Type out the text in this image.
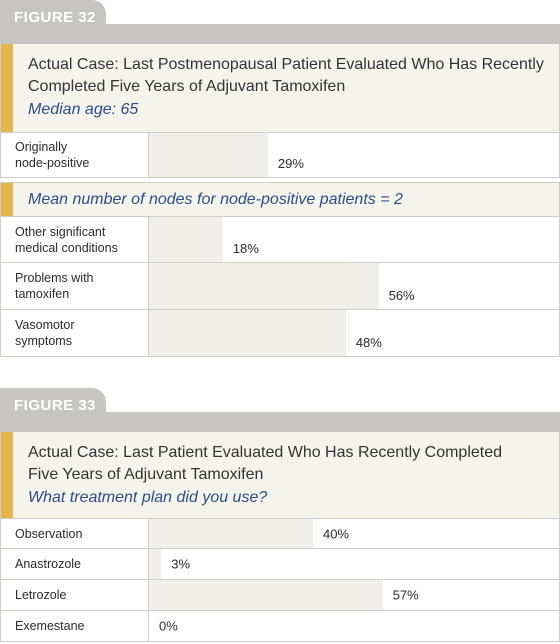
FIGURE 32
Actual Case: Last Postmenopausal Patient Evaluated Who Has Recently
Completed Five Years of Adjuvant Tamoxifen
Median age: 65
Originally
node-positive	29%
Mean number of nodes for node-positive patients = 2
Other significant
medical conditions	18%
Problems with
tamoxifen	56%
Vasomotor
symptoms	48%
FIGURE 33
Actual Case: Last Patient Evaluated Who Has Recently Completed
Five Years of Adjuvant Tamoxifen
What treatment plan did you use?
Observation	40%
Anastrozole	3%
Letrozole	57%
Exemestane	0%
